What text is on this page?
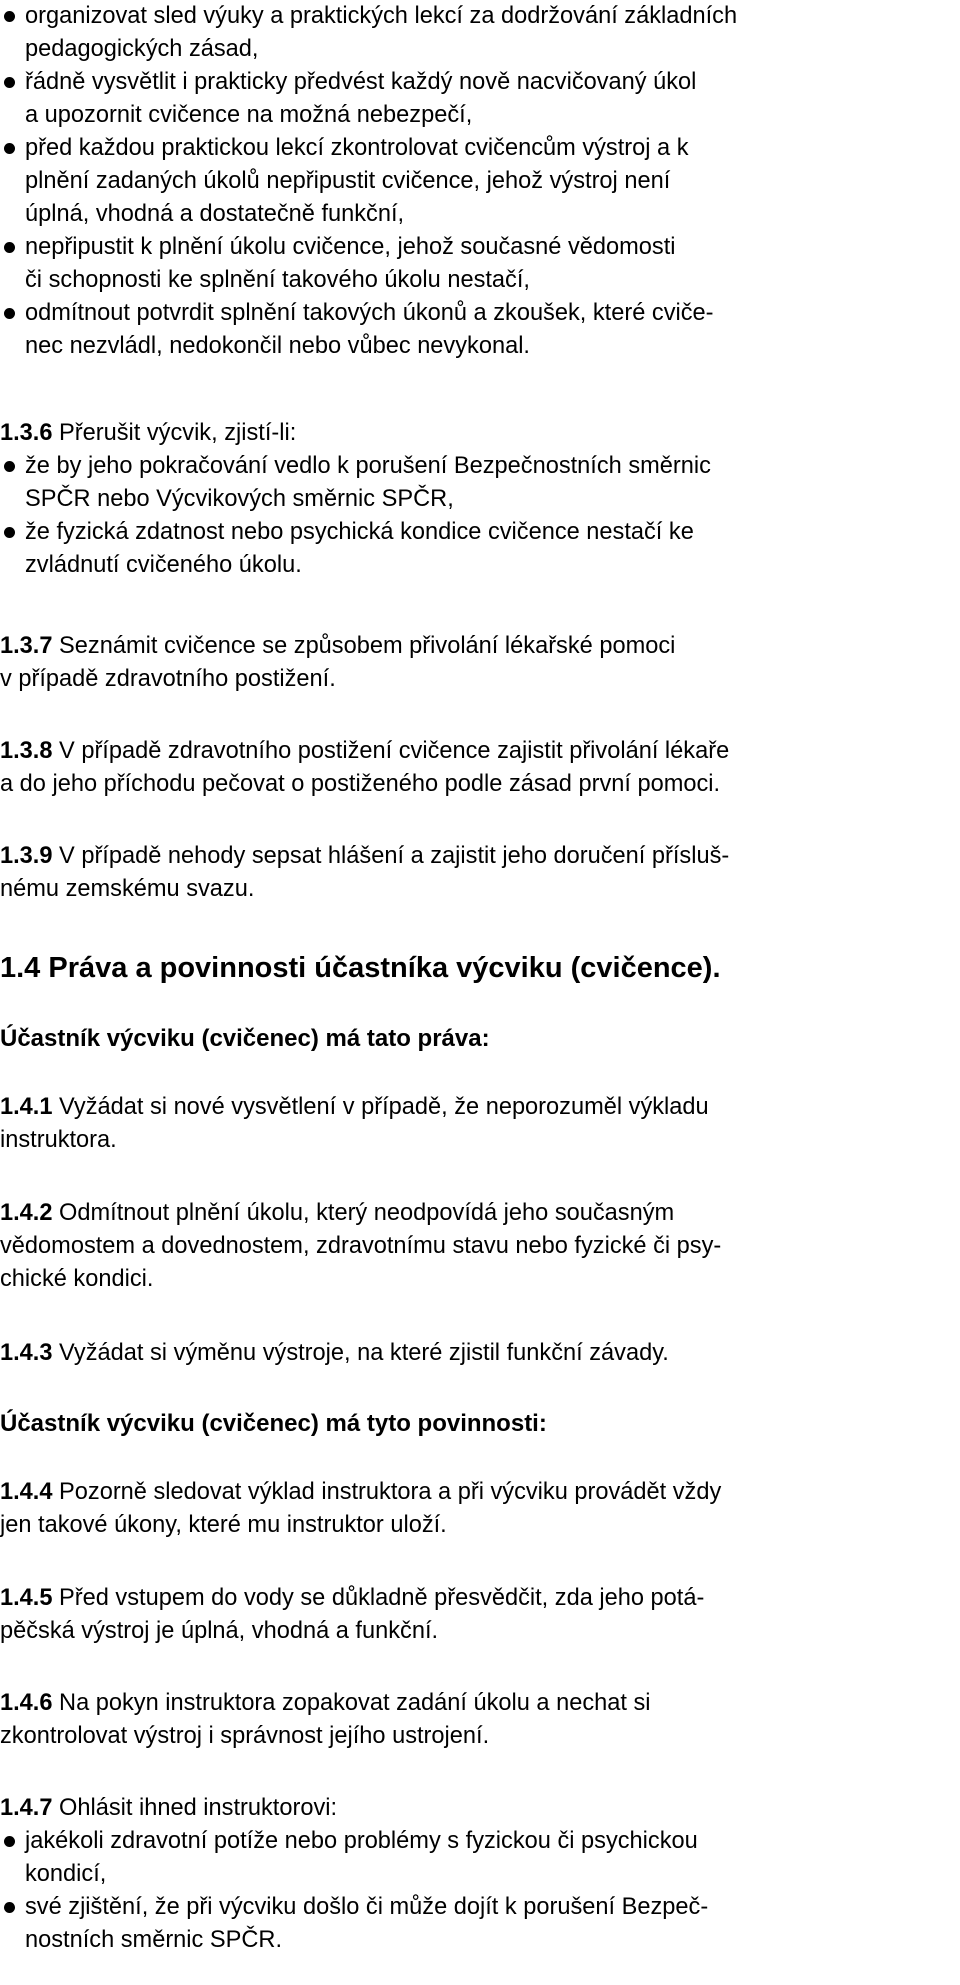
organizovat sled výuky a praktických lekcí za dodržování základních
pedagogických zásad,
řádně vysvětlit i prakticky předvést každý nově nacvičovaný úkol
a upozornit cvičence na možná nebezpečí,
před každou praktickou lekcí zkontrolovat cvičencům výstroj a k
plnění zadaných úkolů nepřipustit cvičence, jehož výstroj není
úplná, vhodná a dostatečně funkční,
nepřipustit k plnění úkolu cvičence, jehož současné vědomosti
či schopnosti ke splnění takového úkolu nestačí,
odmítnout potvrdit splnění takových úkonů a zkoušek, které cviče-
nec nezvládl, nedokončil nebo vůbec nevykonal.
1.3.6 Přerušit výcvik, zjistí-li:
že by jeho pokračování vedlo k porušení Bezpečnostních směrnic
SPČR nebo Výcvikových směrnic SPČR,
že fyzická zdatnost nebo psychická kondice cvičence nestačí ke
zvládnutí cvičeného úkolu.
1.3.7 Seznámit cvičence se způsobem přivolání lékařské pomoci
v případě zdravotního postižení.
1.3.8 V případě zdravotního postižení cvičence zajistit přivolání lékaře
a do jeho příchodu pečovat o postiženého podle zásad první pomoci.
1.3.9 V případě nehody sepsat hlášení a zajistit jeho doručení přísluš-
nému zemskému svazu.
1.4 Práva a povinnosti účastníka výcviku (cvičence).
Účastník výcviku (cvičenec) má tato práva:
1.4.1 Vyžádat si nové vysvětlení v případě, že neporozuměl výkladu
instruktora.
1.4.2 Odmítnout plnění úkolu, který neodpovídá jeho současným
vědomostem a dovednostem, zdravotnímu stavu nebo fyzické či psy-
chické kondici.
1.4.3 Vyžádat si výměnu výstroje, na které zjistil funkční závady.
Účastník výcviku (cvičenec) má tyto povinnosti:
1.4.4 Pozorně sledovat výklad instruktora a při výcviku provádět vždy
jen takové úkony, které mu instruktor uloží.
1.4.5 Před vstupem do vody se důkladně přesvědčit, zda jeho potá-
pěčská výstroj je úplná, vhodná a funkční.
1.4.6 Na pokyn instruktora zopakovat zadání úkolu a nechat si
zkontrolovat výstroj i správnost jejího ustrojení.
1.4.7 Ohlásit ihned instruktorovi:
jakékoli zdravotní potíže nebo problémy s fyzickou či psychickou
kondicí,
své zjištění, že při výcviku došlo či může dojít k porušení Bezpeč-
nostních směrnic SPČR.
